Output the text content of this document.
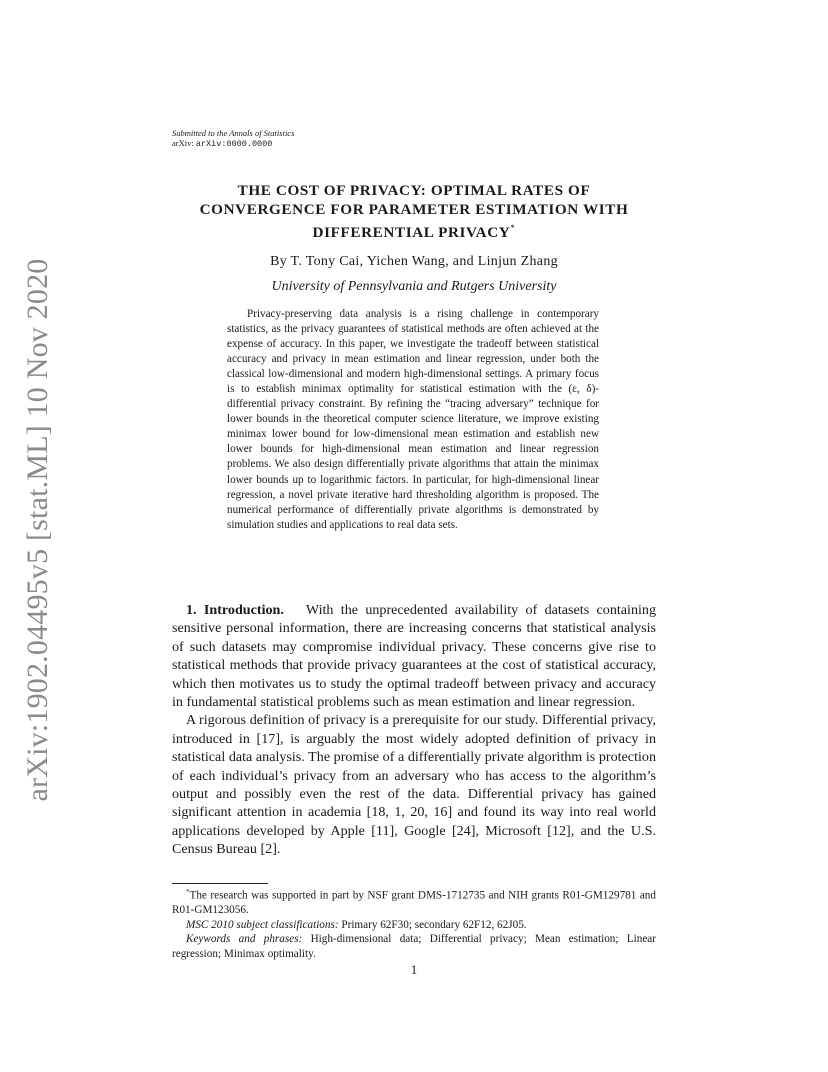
arXiv:1902.04495v5 [stat.ML] 10 Nov 2020
Submitted to the Annals of Statistics
arXiv: arXiv:0000.0000
THE COST OF PRIVACY: OPTIMAL RATES OF
CONVERGENCE FOR PARAMETER ESTIMATION WITH
DIFFERENTIAL PRIVACY*
By T. Tony Cai, Yichen Wang, and Linjun Zhang
University of Pennsylvania and Rutgers University

Privacy-preserving data analysis is a rising challenge in contemporary statistics, as the privacy guarantees of statistical methods are often achieved at the expense of accuracy. In this paper, we investigate the tradeoff between statistical accuracy and privacy in mean estimation and linear regression, under both the classical low-dimensional and modern high-dimensional settings. A primary focus is to establish minimax optimality for statistical estimation with the (ε, δ)-differential privacy constraint. By refining the “tracing adversary” technique for lower bounds in the theoretical computer science literature, we improve existing minimax lower bound for low-dimensional mean estimation and establish new lower bounds for high-dimensional mean estimation and linear regression problems. We also design differentially private algorithms that attain the minimax lower bounds up to logarithmic factors. In particular, for high-dimensional linear regression, a novel private iterative hard thresholding algorithm is proposed. The numerical performance of differentially private algorithms is demonstrated by simulation studies and applications to real data sets.

1. Introduction. With the unprecedented availability of datasets containing sensitive personal information, there are increasing concerns that statistical analysis of such datasets may compromise individual privacy. These concerns give rise to statistical methods that provide privacy guarantees at the cost of statistical accuracy, which then motivates us to study the optimal tradeoff between privacy and accuracy in fundamental statistical problems such as mean estimation and linear regression.

A rigorous definition of privacy is a prerequisite for our study. Differential privacy, introduced in [17], is arguably the most widely adopted definition of privacy in statistical data analysis. The promise of a differentially private algorithm is protection of each individual’s privacy from an adversary who has access to the algorithm’s output and possibly even the rest of the data. Differential privacy has gained significant attention in academia [18, 1, 20, 16] and found its way into real world applications developed by Apple [11], Google [24], Microsoft [12], and the U.S. Census Bureau [2].

*The research was supported in part by NSF grant DMS-1712735 and NIH grants R01-GM129781 and R01-GM123056.

MSC 2010 subject classifications: Primary 62F30; secondary 62F12, 62J05.

Keywords and phrases: High-dimensional data; Differential privacy; Mean estimation; Linear regression; Minimax optimality.

1
